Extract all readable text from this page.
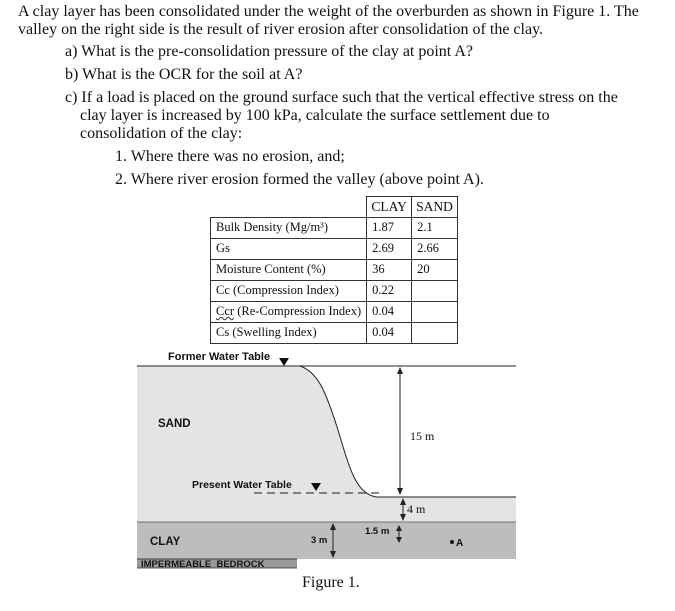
A clay layer has been consolidated under the weight of the overburden as shown in Figure 1. The
valley on the right side is the result of river erosion after consolidation of the clay.
a) What is the pre-consolidation pressure of the clay at point A?
b) What is the OCR for the soil at A?
c) If a load is placed on the ground surface such that the vertical effective stress on the
clay layer is increased by 100 kPa, calculate the surface settlement due to
consolidation of the clay:
1. Where there was no erosion, and;
2. Where river erosion formed the valley (above point A).
	CLAY	SAND
Bulk Density (Mg/m³)	1.87	2.1
Gs	2.69	2.66
Moisture Content (%)	36	20
Cc (Compression Index)	0.22	
Ccr (Re-Compression Index)	0.04	
Cs (Swelling Index)	0.04	
Former Water Table
SAND
Present Water Table
15 m
4 m
1.5 m
CLAY	3 m	A
IMPERMEABLE  BEDROCK
Figure 1.
